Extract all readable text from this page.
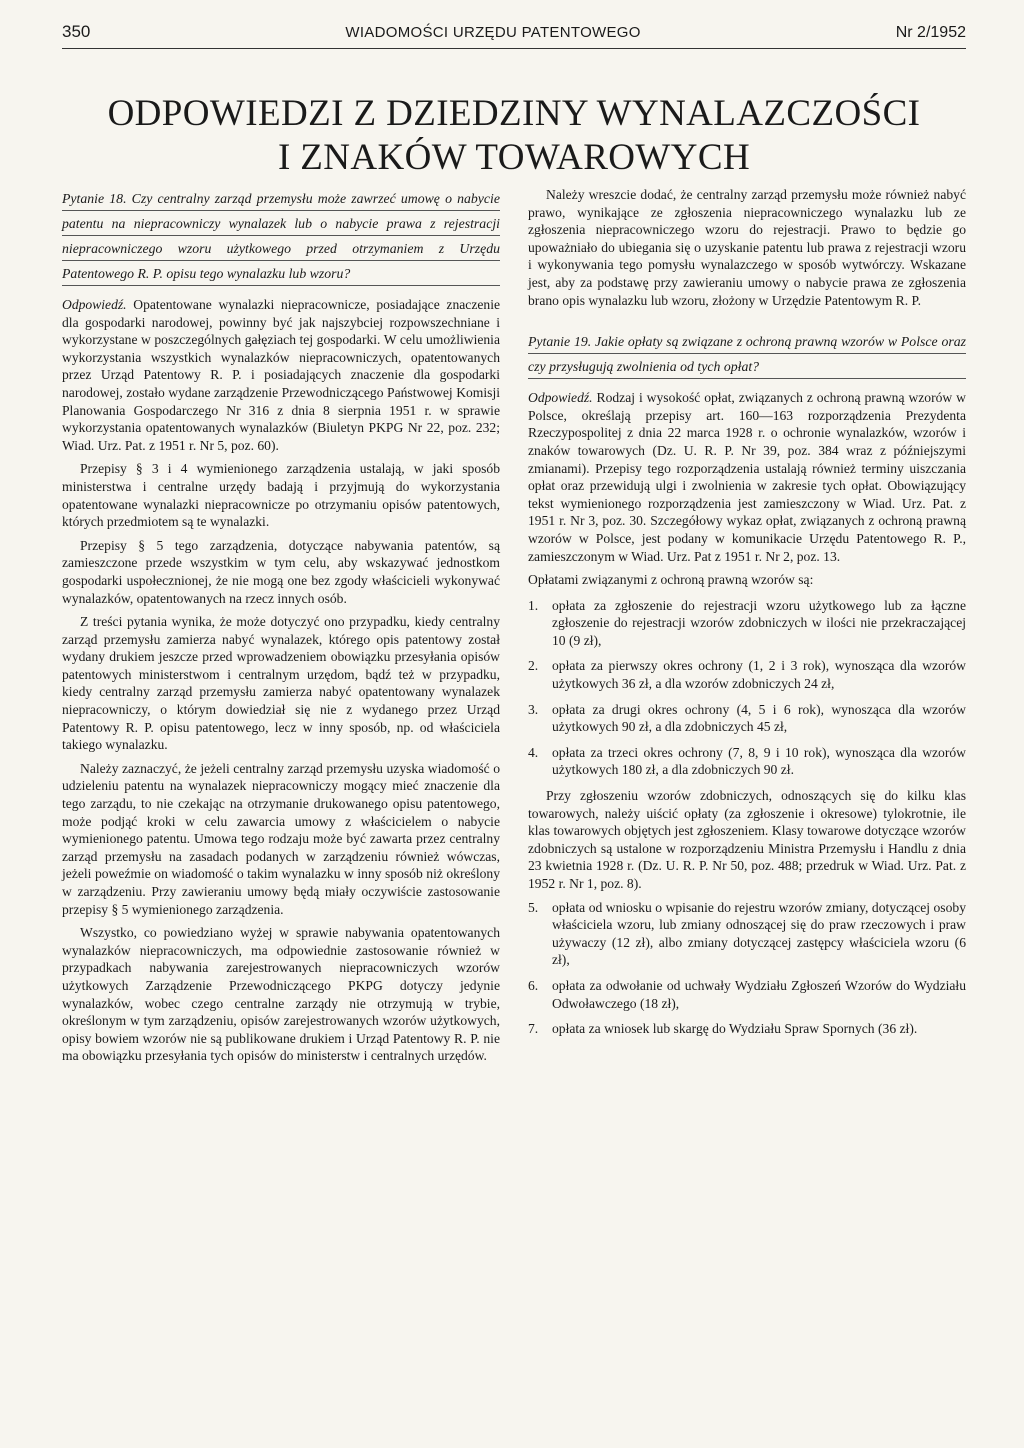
350	WIADOMOŚCI URZĘDU PATENTOWEGO	Nr 2/1952
ODPOWIEDZI Z DZIEDZINY WYNALAZCZOŚCI
I ZNAKÓW TOWAROWYCH
Pytanie 18. Czy centralny zarząd przemysłu może zawrzeć umowę o nabycie patentu na niepracowniczy wynalazek lub o nabycie prawa z rejestracji niepracowniczego wzoru użytkowego przed otrzymaniem z Urzędu Patentowego R. P. opisu tego wynalazku lub wzoru?

Odpowiedź. Opatentowane wynalazki niepracownicze, posiadające znaczenie dla gospodarki narodowej, powinny być jak najszybciej rozpowszechniane i wykorzystane w poszczególnych gałęziach tej gospodarki. W celu umożliwienia wykorzystania wszystkich wynalazków niepracowniczych, opatentowanych przez Urząd Patentowy R. P. i posiadających znaczenie dla gospodarki narodowej, zostało wydane zarządzenie Przewodniczącego Państwowej Komisji Planowania Gospodarczego Nr 316 z dnia 8 sierpnia 1951 r. w sprawie wykorzystania opatentowanych wynalazków (Biuletyn PKPG Nr 22, poz. 232; Wiad. Urz. Pat. z 1951 r. Nr 5, poz. 60).

Przepisy § 3 i 4 wymienionego zarządzenia ustalają, w jaki sposób ministerstwa i centralne urzędy badają i przyjmują do wykorzystania opatentowane wynalazki niepracownicze po otrzymaniu opisów patentowych, których przedmiotem są te wynalazki.

Przepisy § 5 tego zarządzenia, dotyczące nabywania patentów, są zamieszczone przede wszystkim w tym celu, aby wskazywać jednostkom gospodarki uspołecznionej, że nie mogą one bez zgody właścicieli wykonywać wynalazków, opatentowanych na rzecz innych osób.

Z treści pytania wynika, że może dotyczyć ono przypadku, kiedy centralny zarząd przemysłu zamierza nabyć wynalazek, którego opis patentowy został wydany drukiem jeszcze przed wprowadzeniem obowiązku przesyłania opisów patentowych ministerstwom i centralnym urzędom, bądź też w przypadku, kiedy centralny zarząd przemysłu zamierza nabyć opatentowany wynalazek niepracowniczy, o którym dowiedział się nie z wydanego przez Urząd Patentowy R. P. opisu patentowego, lecz w inny sposób, np. od właściciela takiego wynalazku.

Należy zaznaczyć, że jeżeli centralny zarząd przemysłu uzyska wiadomość o udzieleniu patentu na wynalazek niepracowniczy mogący mieć znaczenie dla tego zarządu, to nie czekając na otrzymanie drukowanego opisu patentowego, może podjąć kroki w celu zawarcia umowy z właścicielem o nabycie wymienionego patentu. Umowa tego rodzaju może być zawarta przez centralny zarząd przemysłu na zasadach podanych w zarządzeniu również wówczas, jeżeli poweźmie on wiadomość o takim wynalazku w inny sposób niż określony w zarządzeniu. Przy zawieraniu umowy będą miały oczywiście zastosowanie przepisy § 5 wymienionego zarządzenia.

Wszystko, co powiedziano wyżej w sprawie nabywania opatentowanych wynalazków niepracowniczych, ma odpowiednie zastosowanie również w przypadkach nabywania zarejestrowanych niepracowniczych wzorów użytkowych Zarządzenie Przewodniczącego PKPG dotyczy jedynie wynalazków, wobec czego centralne zarządy nie otrzymują w trybie, określonym w tym zarządzeniu, opisów zarejestrowanych wzorów użytkowych, opisy bowiem wzorów nie są publikowane drukiem i Urząd Patentowy R. P. nie ma obowiązku przesyłania tych opisów do ministerstw i centralnych urzędów.

Należy wreszcie dodać, że centralny zarząd przemysłu może również nabyć prawo, wynikające ze zgłoszenia niepracowniczego wynalazku lub ze zgłoszenia niepracowniczego wzoru do rejestracji. Prawo to będzie go upoważniało do ubiegania się o uzyskanie patentu lub prawa z rejestracji wzoru i wykonywania tego pomysłu wynalazczego w sposób wytwórczy. Wskazane jest, aby za podstawę przy zawieraniu umowy o nabycie prawa ze zgłoszenia brano opis wynalazku lub wzoru, złożony w Urzędzie Patentowym R. P.

Pytanie 19. Jakie opłaty są związane z ochroną prawną wzorów w Polsce oraz czy przysługują zwolnienia od tych opłat?

Odpowiedź. Rodzaj i wysokość opłat, związanych z ochroną prawną wzorów w Polsce, określają przepisy art. 160—163 rozporządzenia Prezydenta Rzeczypospolitej z dnia 22 marca 1928 r. o ochronie wynalazków, wzorów i znaków towarowych (Dz. U. R. P. Nr 39, poz. 384 wraz z późniejszymi zmianami). Przepisy tego rozporządzenia ustalają również terminy uiszczania opłat oraz przewidują ulgi i zwolnienia w zakresie tych opłat. Obowiązujący tekst wymienionego rozporządzenia jest zamieszczony w Wiad. Urz. Pat. z 1951 r. Nr 3, poz. 30. Szczegółowy wykaz opłat, związanych z ochroną prawną wzorów w Polsce, jest podany w komunikacie Urzędu Patentowego R. P., zamieszczonym w Wiad. Urz. Pat z 1951 r. Nr 2, poz. 13.

Opłatami związanymi z ochroną prawną wzorów są:

1.	opłata za zgłoszenie do rejestracji wzoru użytkowego lub za łączne zgłoszenie do rejestracji wzorów zdobniczych w ilości nie przekraczającej 10 (9 zł),
2.	opłata za pierwszy okres ochrony (1, 2 i 3 rok), wynosząca dla wzorów użytkowych 36 zł, a dla wzorów zdobniczych 24 zł,
3.	opłata za drugi okres ochrony (4, 5 i 6 rok), wynosząca dla wzorów użytkowych 90 zł, a dla zdobniczych 45 zł,
4.	opłata za trzeci okres ochrony (7, 8, 9 i 10 rok), wynosząca dla wzorów użytkowych 180 zł, a dla zdobniczych 90 zł.

Przy zgłoszeniu wzorów zdobniczych, odnoszących się do kilku klas towarowych, należy uiścić opłaty (za zgłoszenie i okresowe) tylokrotnie, ile klas towarowych objętych jest zgłoszeniem. Klasy towarowe dotyczące wzorów zdobniczych są ustalone w rozporządzeniu Ministra Przemysłu i Handlu z dnia 23 kwietnia 1928 r. (Dz. U. R. P. Nr 50, poz. 488; przedruk w Wiad. Urz. Pat. z 1952 r. Nr 1, poz. 8).

5.	opłata od wniosku o wpisanie do rejestru wzorów zmiany, dotyczącej osoby właściciela wzoru, lub zmiany odnoszącej się do praw rzeczowych i praw używaczy (12 zł), albo zmiany dotyczącej zastępcy właściciela wzoru (6 zł),
6.	opłata za odwołanie od uchwały Wydziału Zgłoszeń Wzorów do Wydziału Odwoławczego (18 zł),
7.	opłata za wniosek lub skargę do Wydziału Spraw Spornych (36 zł).
